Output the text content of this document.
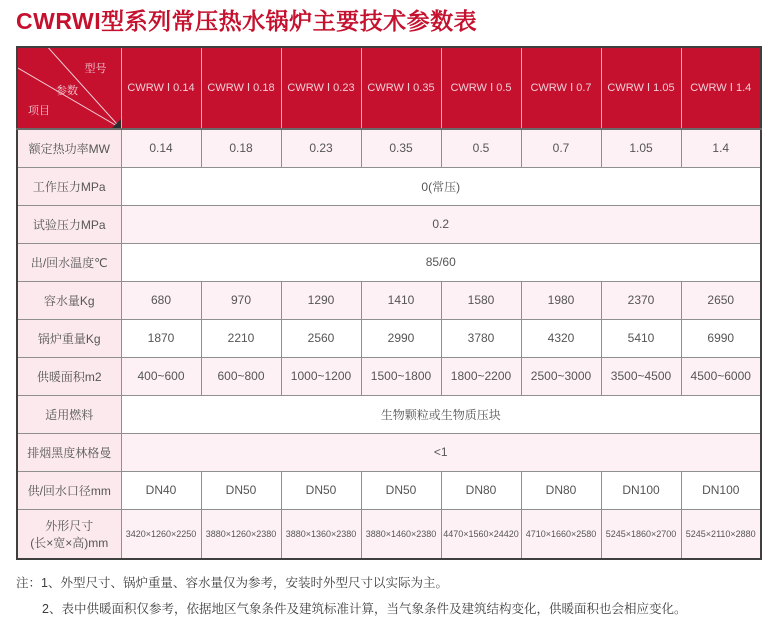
CWRWI型系列常压热水锅炉主要技术参数表
型号
参数
项目	CWRW Ⅰ 0.14	CWRW Ⅰ 0.18	CWRW Ⅰ 0.23	CWRW Ⅰ 0.35	CWRW Ⅰ 0.5	CWRW Ⅰ 0.7	CWRW Ⅰ 1.05	CWRW Ⅰ 1.4
额定热功率MW	0.14	0.18	0.23	0.35	0.5	0.7	1.05	1.4
工作压力MPa	0(常压)							
试验压力MPa	0.2							
出/回水温度℃	85/60							
容水量Kg	680	970	1290	1410	1580	1980	2370	2650
锅炉重量Kg	1870	2210	2560	2990	3780	4320	5410	6990
供暖面积m2	400~600	600~800	1000~1200	1500~1800	1800~2200	2500~3000	3500~4500	4500~6000
适用燃料	生物颗粒或生物质压块							
排烟黑度林格曼	<1							
供/回水口径mm	DN40	DN50	DN50	DN50	DN80	DN80	DN100	DN100
外形尺寸
(长×宽×高)mm	3420×1260×2250	3880×1260×2380	3880×1360×2380	3880×1460×2380	4470×1560×24420	4710×1660×2580	5245×1860×2700	5245×2110×2880
注：1、外型尺寸、锅炉重量、容水量仅为参考，安装时外型尺寸以实际为主。
2、表中供暖面积仅参考，依据地区气象条件及建筑标准计算，当气象条件及建筑结构变化，供暖面积也会相应变化。
